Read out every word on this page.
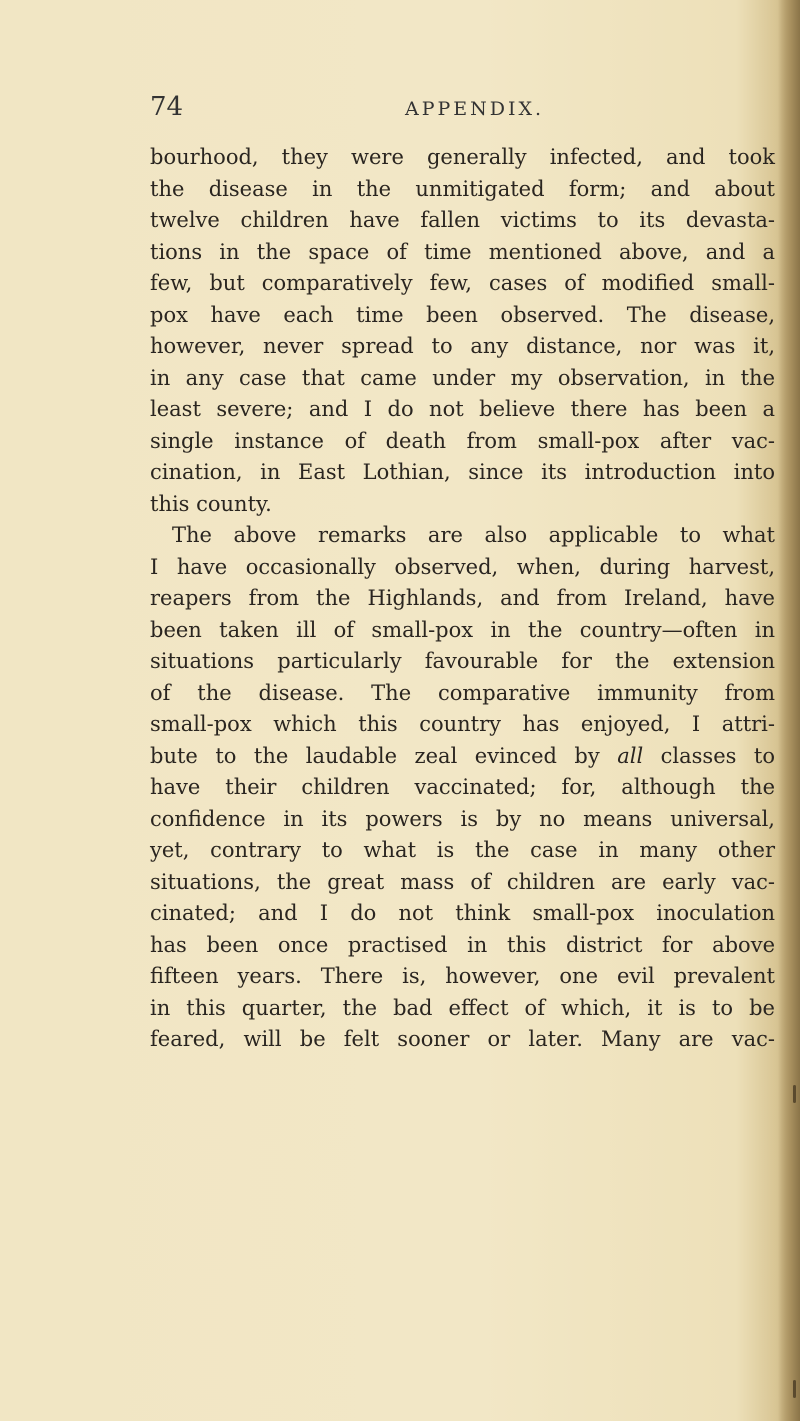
74	APPENDIX.
bourhood, they were generally infected, and took
the disease in the unmitigated form; and about
twelve children have fallen victims to its devasta-
tions in the space of time mentioned above, and a
few, but comparatively few, cases of modified small-
pox have each time been observed. The disease,
however, never spread to any distance, nor was it,
in any case that came under my observation, in the
least severe; and I do not believe there has been a
single instance of death from small-pox after vac-
cination, in East Lothian, since its introduction into
this county.
The above remarks are also applicable to what
I have occasionally observed, when, during harvest,
reapers from the Highlands, and from Ireland, have
been taken ill of small-pox in the country—often in
situations particularly favourable for the extension
of the disease. The comparative immunity from
small-pox which this country has enjoyed, I attri-
bute to the laudable zeal evinced by all classes to
have their children vaccinated; for, although the
confidence in its powers is by no means universal,
yet, contrary to what is the case in many other
situations, the great mass of children are early vac-
cinated; and I do not think small-pox inoculation
has been once practised in this district for above
fifteen years. There is, however, one evil prevalent
in this quarter, the bad effect of which, it is to be
feared, will be felt sooner or later. Many are vac-
